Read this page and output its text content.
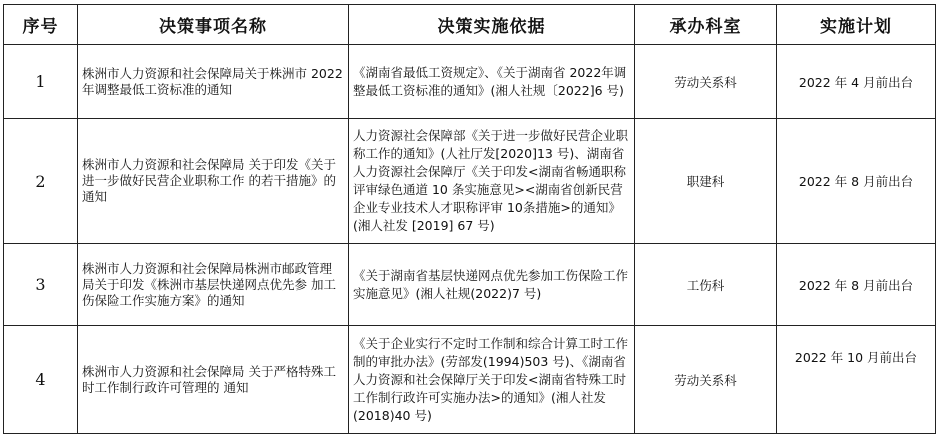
序号	决策事项名称	决策实施依据	承办科室	实施计划
1	株洲市人力资源和社会保障局关于株洲市 2022 年调整最低工资标准的通知	《湖南省最低工资规定》、《关于湖南省 2022年调整最低工资标准的通知》(湘人社规〔2022]6 号)	劳动关系科	2022 年 4 月前出台
2	株洲市人力资源和社会保障局 关于印发《关于进一步做好民营企业职称工作 的若干措施》的通知	人力资源社会保障部《关于进一步做好民营企业职称工作的通知》(人社厅发[2020]13 号)、湖南省人力资源社会保障厅《关于印发<湖南省畅通职称评审绿色通道 10 条实施意见><湖南省创新民营企业专业技术人才职称评审 10条措施>的通知》(湘人社发 [2019] 67 号)	职建科	2022 年 8 月前出台
3	株洲市人力资源和社会保障局株洲市邮政管理 局关于印发《株洲市基层快递网点优先参 加工伤保险工作实施方案》的通知	《关于湖南省基层快递网点优先参加工伤保险工作实施意见》(湘人社规(2022)7 号)	工伤科	2022 年 8 月前出台
4	株洲市人力资源和社会保障局 关于严格特殊工时工作制行政许可管理的 通知	《关于企业实行不定时工作制和综合计算工时工作制的审批办法》(劳部发(1994)503 号)、《湖南省人力资源和社会保障厅关于印发<湖南省特殊工时工作制行政许可实施办法>的通知》(湘人社发(2018)40 号)	劳动关系科	2022 年 10 月前出台
